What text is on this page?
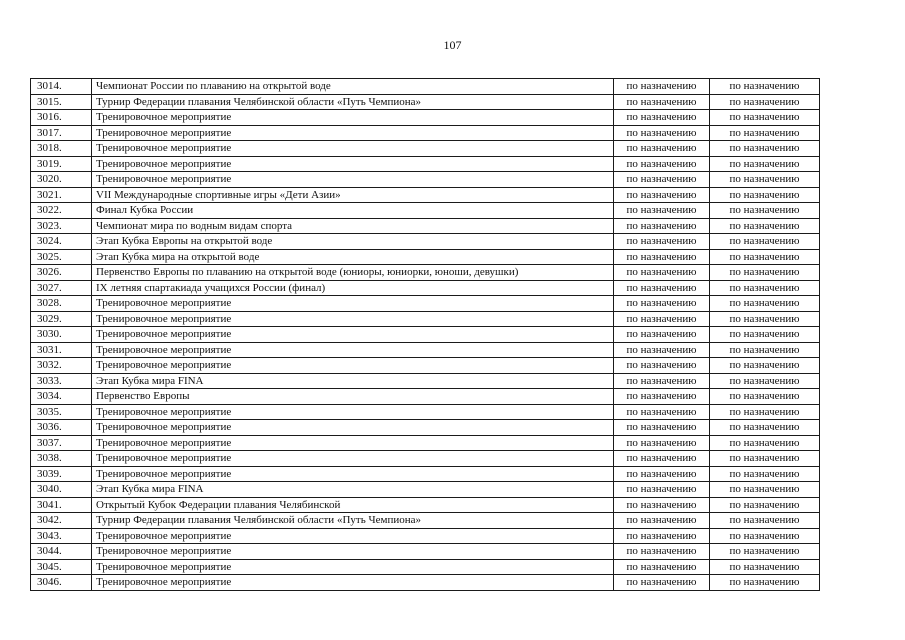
107
3014.	Чемпионат России по плаванию на открытой воде	по назначению	по назначению
3015.	Турнир Федерации плавания Челябинской области «Путь Чемпиона»	по назначению	по назначению
3016.	Тренировочное мероприятие	по назначению	по назначению
3017.	Тренировочное мероприятие	по назначению	по назначению
3018.	Тренировочное мероприятие	по назначению	по назначению
3019.	Тренировочное мероприятие	по назначению	по назначению
3020.	Тренировочное мероприятие	по назначению	по назначению
3021.	VII Международные спортивные игры «Дети Азии»	по назначению	по назначению
3022.	Финал Кубка России	по назначению	по назначению
3023.	Чемпионат мира по водным видам спорта	по назначению	по назначению
3024.	Этап Кубка Европы на открытой воде	по назначению	по назначению
3025.	Этап Кубка мира на открытой воде	по назначению	по назначению
3026.	Первенство Европы по плаванию на открытой воде (юниоры, юниорки, юноши, девушки)	по назначению	по назначению
3027.	IX летняя спартакиада учащихся России (финал)	по назначению	по назначению
3028.	Тренировочное мероприятие	по назначению	по назначению
3029.	Тренировочное мероприятие	по назначению	по назначению
3030.	Тренировочное мероприятие	по назначению	по назначению
3031.	Тренировочное мероприятие	по назначению	по назначению
3032.	Тренировочное мероприятие	по назначению	по назначению
3033.	Этап Кубка мира FINA	по назначению	по назначению
3034.	Первенство Европы	по назначению	по назначению
3035.	Тренировочное мероприятие	по назначению	по назначению
3036.	Тренировочное мероприятие	по назначению	по назначению
3037.	Тренировочное мероприятие	по назначению	по назначению
3038.	Тренировочное мероприятие	по назначению	по назначению
3039.	Тренировочное мероприятие	по назначению	по назначению
3040.	Этап Кубка мира FINA	по назначению	по назначению
3041.	Открытый Кубок Федерации плавания Челябинской	по назначению	по назначению
3042.	Турнир Федерации плавания Челябинской области «Путь Чемпиона»	по назначению	по назначению
3043.	Тренировочное мероприятие	по назначению	по назначению
3044.	Тренировочное мероприятие	по назначению	по назначению
3045.	Тренировочное мероприятие	по назначению	по назначению
3046.	Тренировочное мероприятие	по назначению	по назначению
